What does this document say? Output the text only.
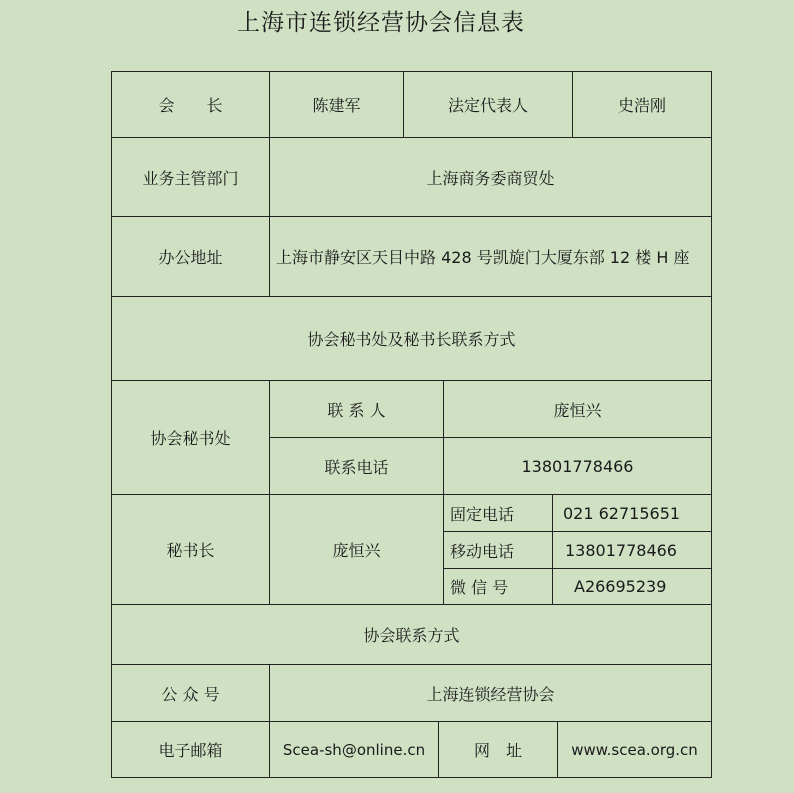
上海市连锁经营协会信息表
会　　长	陈建军	法定代表人	史浩刚
业务主管部门	上海商务委商贸处
办公地址	上海市静安区天目中路 428 号凯旋门大厦东部 12 楼 H 座
协会秘书处及秘书长联系方式
协会秘书处
联 系 人	庞恒兴
联系电话	13801778466
秘书长	庞恒兴
固定电话	021 62715651
移动电话	13801778466
微 信 号	A26695239
协会联系方式
公 众 号	上海连锁经营协会
电子邮箱	Scea-sh@online.cn	网　址	www.scea.org.cn
